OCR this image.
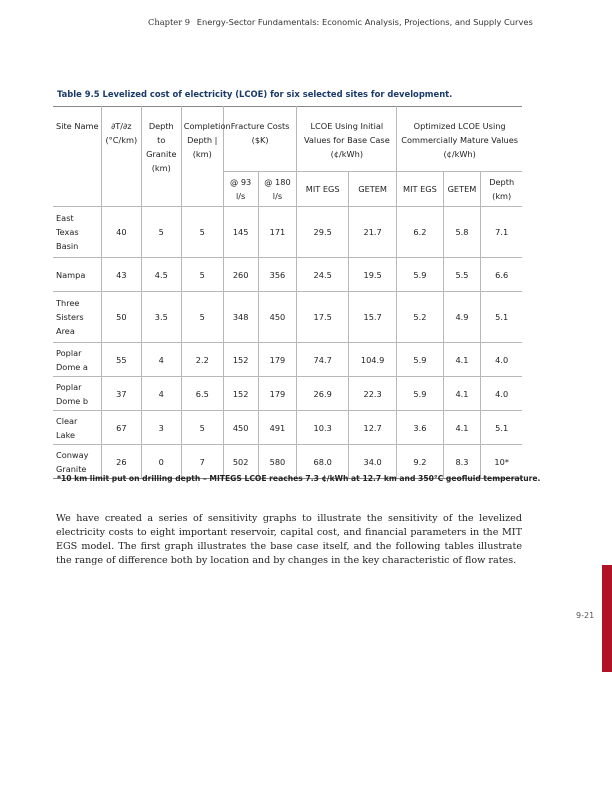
Chapter 9 Energy-Sector Fundamentals: Economic Analysis, Projections, and Supply Curves
Table 9.5 Levelized cost of electricity (LCOE) for six selected sites for development.
Site Name	∂T/∂z (°C/km)	Depth to Granite (km)	Completion Depth |(km)	Fracture Costs ($K)		LCOE Using Initial Values for Base Case (¢/kWh)		Optimized LCOE Using Commercially Mature Values (¢/kWh)		
				@ 93 l/s	@ 180 l/s	MIT EGS	GETEM	MIT EGS	GETEM	Depth (km)
East Texas Basin	40	5	5	145	171	29.5	21.7	6.2	5.8	7.1
Nampa	43	4.5	5	260	356	24.5	19.5	5.9	5.5	6.6
Three Sisters Area	50	3.5	5	348	450	17.5	15.7	5.2	4.9	5.1
Poplar Dome a	55	4	2.2	152	179	74.7	104.9	5.9	4.1	4.0
Poplar Dome b	37	4	6.5	152	179	26.9	22.3	5.9	4.1	4.0
Clear Lake	67	3	5	450	491	10.3	12.7	3.6	4.1	5.1
Conway Granite	26	0	7	502	580	68.0	34.0	9.2	8.3	10*
*10 km limit put on drilling depth – MITEGS LCOE reaches 7.3 ¢/kWh at 12.7 km and 350°C geofluid temperature.

We have created a series of sensitivity graphs to illustrate the sensitivity of the levelized electricity costs to eight important reservoir, capital cost, and financial parameters in the MIT EGS model. The first graph illustrates the base case itself, and the following tables illustrate the range of difference both by location and by changes in the key characteristic of flow rates.

9-21
